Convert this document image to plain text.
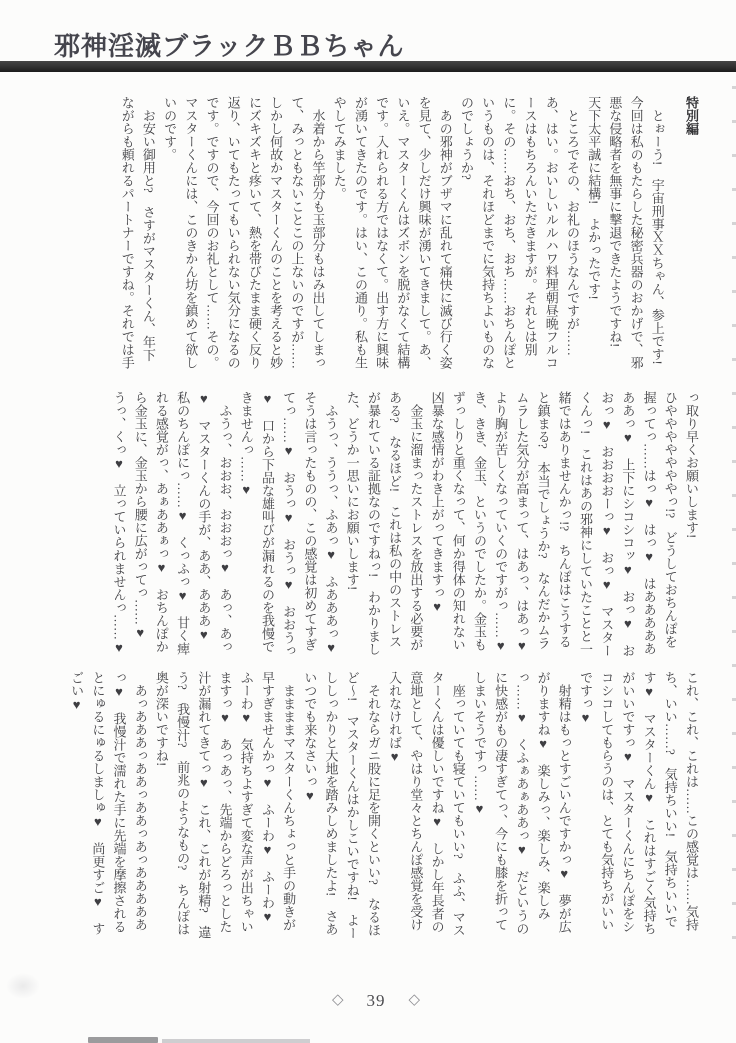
邪神淫滅ブラックＢＢちゃん

特別編

とぉーう!　宇宙刑事ＸＸちゃん、参上です!　今回は私のもたらした秘密兵器のおかげで、邪悪な侵略者を無事に撃退できたようですね!　天下太平誠に結構!　よかったです!

ところでその、お礼のほうなんですが……あ、はい。おいしいルルハワ料理朝昼晩フルコースはもちろんいただきますが。それとは別に。その……おち、おち、おち……おちんぽというものは、それほどまでに気持ちよいものなのでしょうか?

あの邪神がブザマに乱れて痛快に滅び行く姿を見て、少しだけ興味が湧いてきまして。あ、いえ。マスターくんはズボンを脱がなくて結構です。入れられる方ではなくて。出す方に興味が湧いてきたのです。はい、この通り。私も生やしてみました。

水着から竿部分も玉部分もはみ出してしまって、みっともないことこの上ないのですが……しかし何故かマスターくんのことを考えると妙にズキズキと疼いて、熱を帯びたまま硬く反り返り、いてもたってもいられない気分になるのです。ですので、今回のお礼として……その。マスターくんには、このきかん坊を鎮めて欲しいのです。

お安い御用と?　さすがマスターくん、年下ながらも頼れるパートナーですね。それでは手

っ取り早くお願いします!

ひやややややややっ!?　どうしておちんぽを握ってっ……はっ♥　はっ♥　はあああああああっ♥　上下にシコシコッ♥　おっ♥　おおっ♥　おおおおーっ♥　おっ♥　マスターくんっ!　これはあの邪神にしていたことと一緒ではありませんかっ!?　ちんぽはこうすると鎮まる?　本当でしょうか?　なんだかムラムラした気分が高まって、はあっ、はあっ♥　より胸が苦しくなっていくのですがっ……♥　き、きき、金玉、というのでしたか。金玉もずっしりと重くなって、何か得体の知れない凶暴な感情がわき上がってきますっ♥

金玉に溜まったストレスを放出する必要がある?　なるほど!　これは私の中のストレスが暴れている証拠なのですねっ!　わかりました、どうか一思いにお願いします!

ふうっ、ううっ、ふあっ♥　ふあああっ♥

そうは言ったものの、この感覚は初めてすぎてっ……♥　おうっ♥　おうっ♥　おおうっ♥　口から下品な雄叫びが漏れるのを我慢できませんっ……♥

ふうっ、おおお、おおおっ♥　あっ、あっ♥　マスターくんの手が、ああ、あああ♥　私のちんぽにっ……♥　くっふっ♥　甘く痺れる感覚がっ、あぁああぁっ♥　おちんぽから金玉に、金玉から腰に広がってっ……♥　うっ、くっ♥　立っていられませんっ……♥

これ、これ、これは……この感覚は……気持ち、いい……?　気持ちいい!　気持ちいいです♥　マスターくん♥　これはすごく気持ちがいいですっ♥　マスターくんにちんぽをシコシコしてもらうのは、とても気持ちがいいですっ♥

射精はもっとすごいんですかっ♥　夢が広がりますね♥　楽しみっ、楽しみ、楽しみっ……♥　くふぁあぁああっ♥　だというのに快感がもの凄すぎてっ、今にも膝を折ってしまいそうですっ……♥

座っていても寝ていてもいい?　ふふ、マスターくんは優しいですね♥　しかし年長者の意地として、やはり堂々とちんぽ感覚を受け入れなければ♥

それならガニ股に足を開くといい?　なるほど〜!　マスターくんはかしこいですね!　よーししっかりと大地を踏みしめましたよ!　さあいつでも来なさいっ♥

ままままマスターくんちょっと手の動きが早すぎませんかっ♥　ふーわ♥　ふーわ♥　ふーわ♥　気持ちよすぎて変な声が出ちゃいますっ♥　あっあっ、先端からどろっとした汁が漏れてきてっ♥　これ、これが射精?　違う?　我慢汁?　前兆のようなもの?　ちんぽは奥が深いですね!

あっあああっああっああっあっあああああっ♥　我慢汁で濡れた手に先端を摩擦されるとにゅるにゅるしましゅ♥　尚更すご♥　すごい♥

◇ 39 ◇
